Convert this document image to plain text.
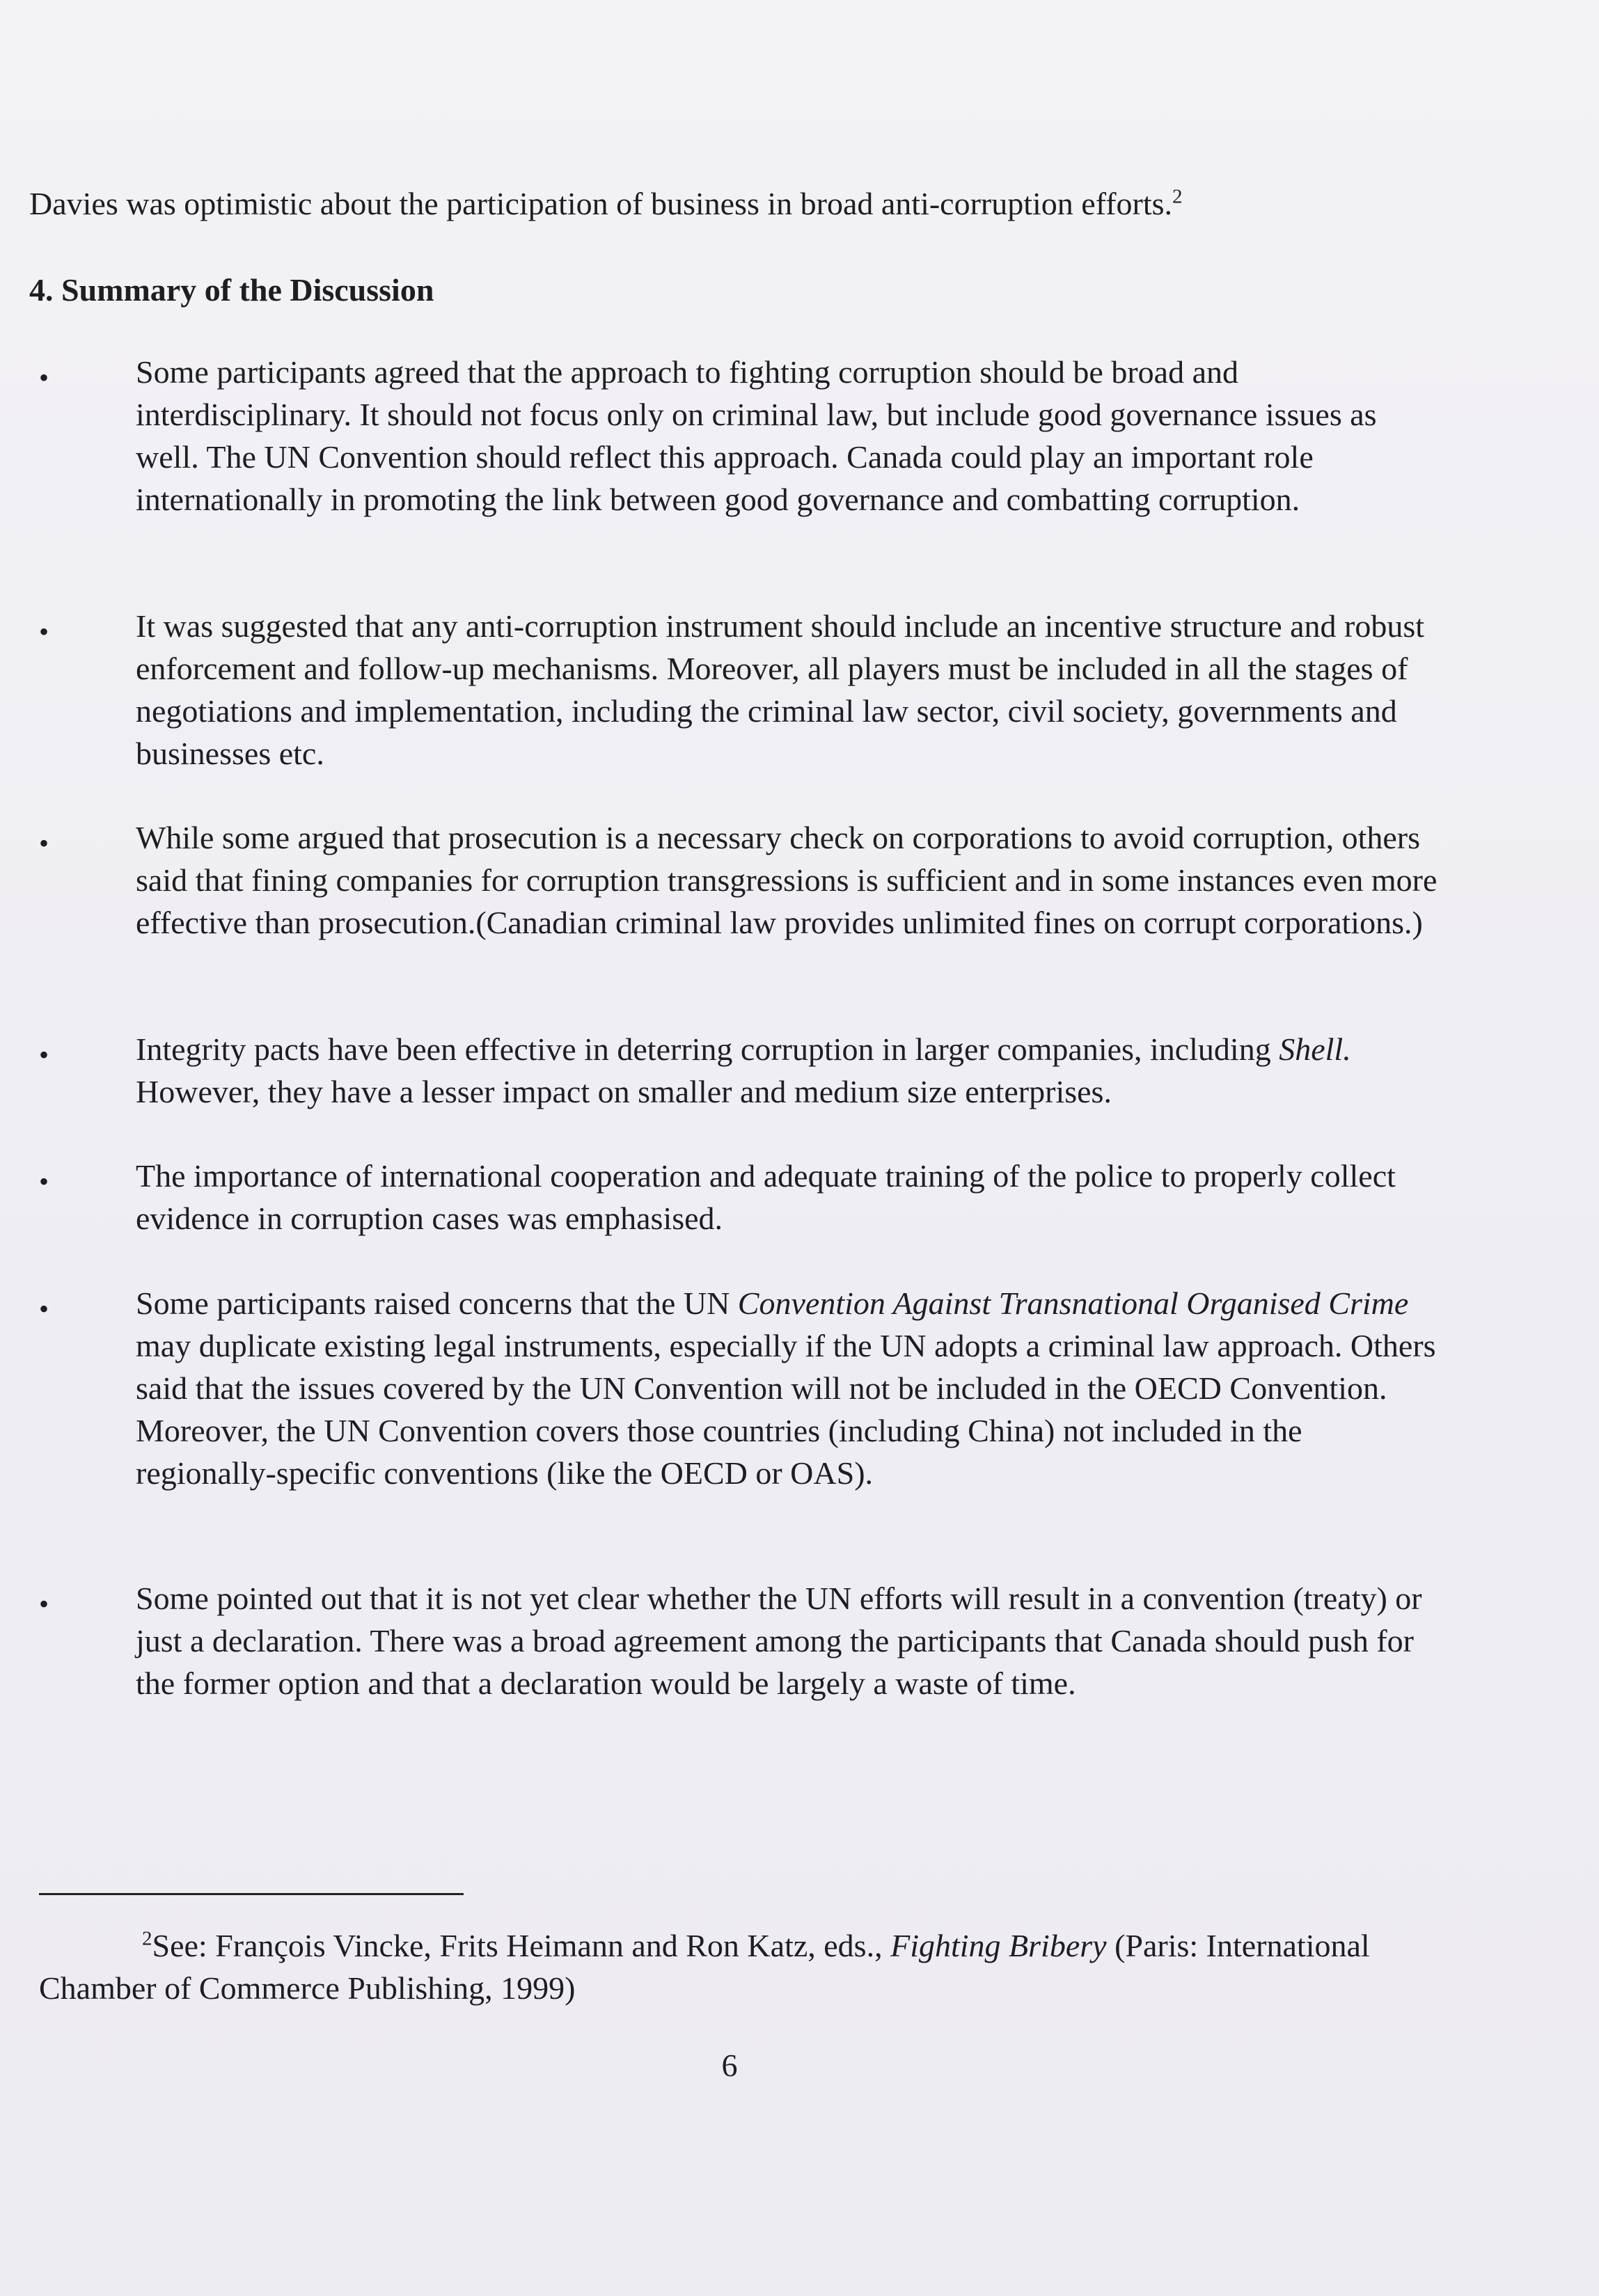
Davies was optimistic about the participation of business in broad anti-corruption efforts.$^2$

4. Summary of the Discussion
•	Some participants agreed that the approach to fighting corruption should be broad and interdisciplinary. It should not focus only on criminal law, but include good governance issues as well. The UN Convention should reflect this approach. Canada could play an important role internationally in promoting the link between good governance and combatting corruption.

•	It was suggested that any anti-corruption instrument should include an incentive structure and robust enforcement and follow-up mechanisms. Moreover, all players must be included in all the stages of negotiations and implementation, including the criminal law sector, civil society, governments and businesses etc.

•	While some argued that prosecution is a necessary check on corporations to avoid corruption, others said that fining companies for corruption transgressions is sufficient and in some instances even more effective than prosecution.(Canadian criminal law provides unlimited fines on corrupt corporations.)

•	Integrity pacts have been effective in deterring corruption in larger companies, including Shell. However, they have a lesser impact on smaller and medium size enterprises.

•	The importance of international cooperation and adequate training of the police to properly collect evidence in corruption cases was emphasised.

•	Some participants raised concerns that the UN Convention Against Transnational Organised Crime may duplicate existing legal instruments, especially if the UN adopts a criminal law approach. Others said that the issues covered by the UN Convention will not be included in the OECD Convention. Moreover, the UN Convention covers those countries (including China) not included in the regionally-specific conventions (like the OECD or OAS).

•	Some pointed out that it is not yet clear whether the UN efforts will result in a convention (treaty) or just a declaration. There was a broad agreement among the participants that Canada should push for the former option and that a declaration would be largely a waste of time.

$^2$See: François Vincke, Frits Heimann and Ron Katz, eds., Fighting Bribery (Paris: International Chamber of Commerce Publishing, 1999)

6
